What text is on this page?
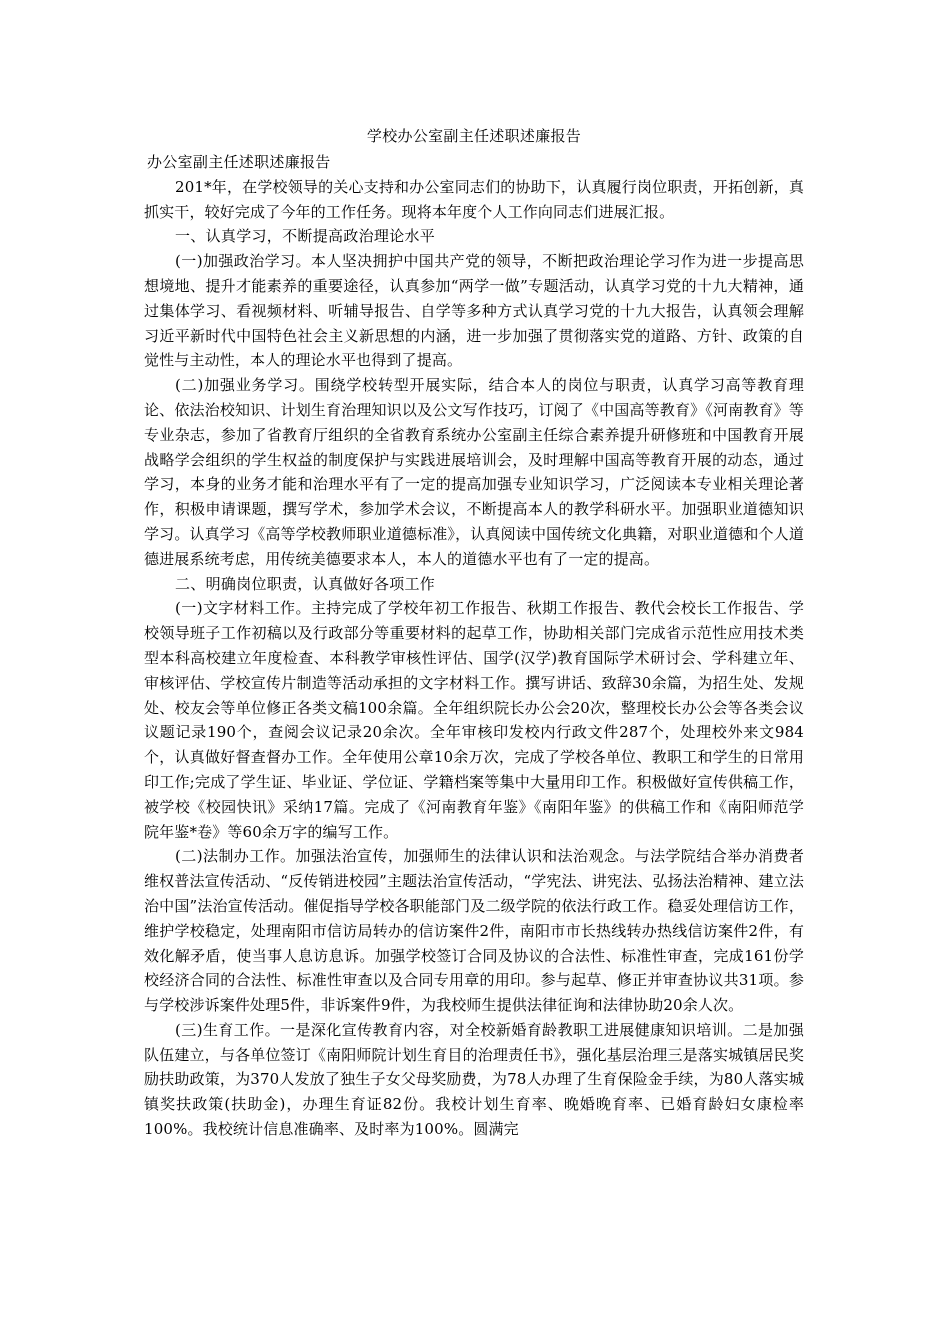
学校办公室副主任述职述廉报告

办公室副主任述职述廉报告

201*年，在学校领导的关心支持和办公室同志们的协助下，认真履行岗位职责，开拓创新，真抓实干，较好完成了今年的工作任务。现将本年度个人工作向同志们进展汇报。

一、认真学习，不断提高政治理论水平

(一)加强政治学习。本人坚决拥护中国共产党的领导，不断把政治理论学习作为进一步提高思想境地、提升才能素养的重要途径，认真参加“两学一做”专题活动，认真学习党的十九大精神，通过集体学习、看视频材料、听辅导报告、自学等多种方式认真学习党的十九大报告，认真领会理解习近平新时代中国特色社会主义新思想的内涵，进一步加强了贯彻落实党的道路、方针、政策的自觉性与主动性，本人的理论水平也得到了提高。

(二)加强业务学习。围绕学校转型开展实际，结合本人的岗位与职责，认真学习高等教育理论、依法治校知识、计划生育治理知识以及公文写作技巧，订阅了《中国高等教育》《河南教育》等专业杂志，参加了省教育厅组织的全省教育系统办公室副主任综合素养提升研修班和中国教育开展战略学会组织的学生权益的制度保护与实践进展培训会，及时理解中国高等教育开展的动态，通过学习，本身的业务才能和治理水平有了一定的提高加强专业知识学习，广泛阅读本专业相关理论著作，积极申请课题，撰写学术，参加学术会议，不断提高本人的教学科研水平。加强职业道德知识学习。认真学习《高等学校教师职业道德标准》，认真阅读中国传统文化典籍，对职业道德和个人道德进展系统考虑，用传统美德要求本人，本人的道德水平也有了一定的提高。

二、明确岗位职责，认真做好各项工作

(一)文字材料工作。主持完成了学校年初工作报告、秋期工作报告、教代会校长工作报告、学校领导班子工作初稿以及行政部分等重要材料的起草工作，协助相关部门完成省示范性应用技术类型本科高校建立年度检查、本科教学审核性评估、国学(汉学)教育国际学术研讨会、学科建立年、审核评估、学校宣传片制造等活动承担的文字材料工作。撰写讲话、致辞30余篇，为招生处、发规处、校友会等单位修正各类文稿100余篇。全年组织院长办公会20次，整理校长办公会等各类会议议题记录190个，查阅会议记录20余次。全年审核印发校内行政文件287个，处理校外来文984个，认真做好督查督办工作。全年使用公章10余万次，完成了学校各单位、教职工和学生的日常用印工作;完成了学生证、毕业证、学位证、学籍档案等集中大量用印工作。积极做好宣传供稿工作，被学校《校园快讯》采纳17篇。完成了《河南教育年鉴》《南阳年鉴》的供稿工作和《南阳师范学院年鉴*卷》等60余万字的编写工作。

(二)法制办工作。加强法治宣传，加强师生的法律认识和法治观念。与法学院结合举办消费者维权普法宣传活动、“反传销进校园”主题法治宣传活动，“学宪法、讲宪法、弘扬法治精神、建立法治中国”法治宣传活动。催促指导学校各职能部门及二级学院的依法行政工作。稳妥处理信访工作，维护学校稳定，处理南阳市信访局转办的信访案件2件，南阳市市长热线转办热线信访案件2件，有效化解矛盾，使当事人息访息诉。加强学校签订合同及协议的合法性、标准性审查，完成161份学校经济合同的合法性、标准性审查以及合同专用章的用印。参与起草、修正并审查协议共31项。参与学校涉诉案件处理5件，非诉案件9件，为我校师生提供法律征询和法律协助20余人次。

(三)生育工作。一是深化宣传教育内容，对全校新婚育龄教职工进展健康知识培训。二是加强队伍建立，与各单位签订《南阳师院计划生育目的治理责任书》，强化基层治理三是落实城镇居民奖励扶助政策，为370人发放了独生子女父母奖励费，为78人办理了生育保险金手续，为80人落实城镇奖扶政策(扶助金)，办理生育证82份。我校计划生育率、晚婚晚育率、已婚育龄妇女康检率100%。我校统计信息准确率、及时率为100%。圆满完
